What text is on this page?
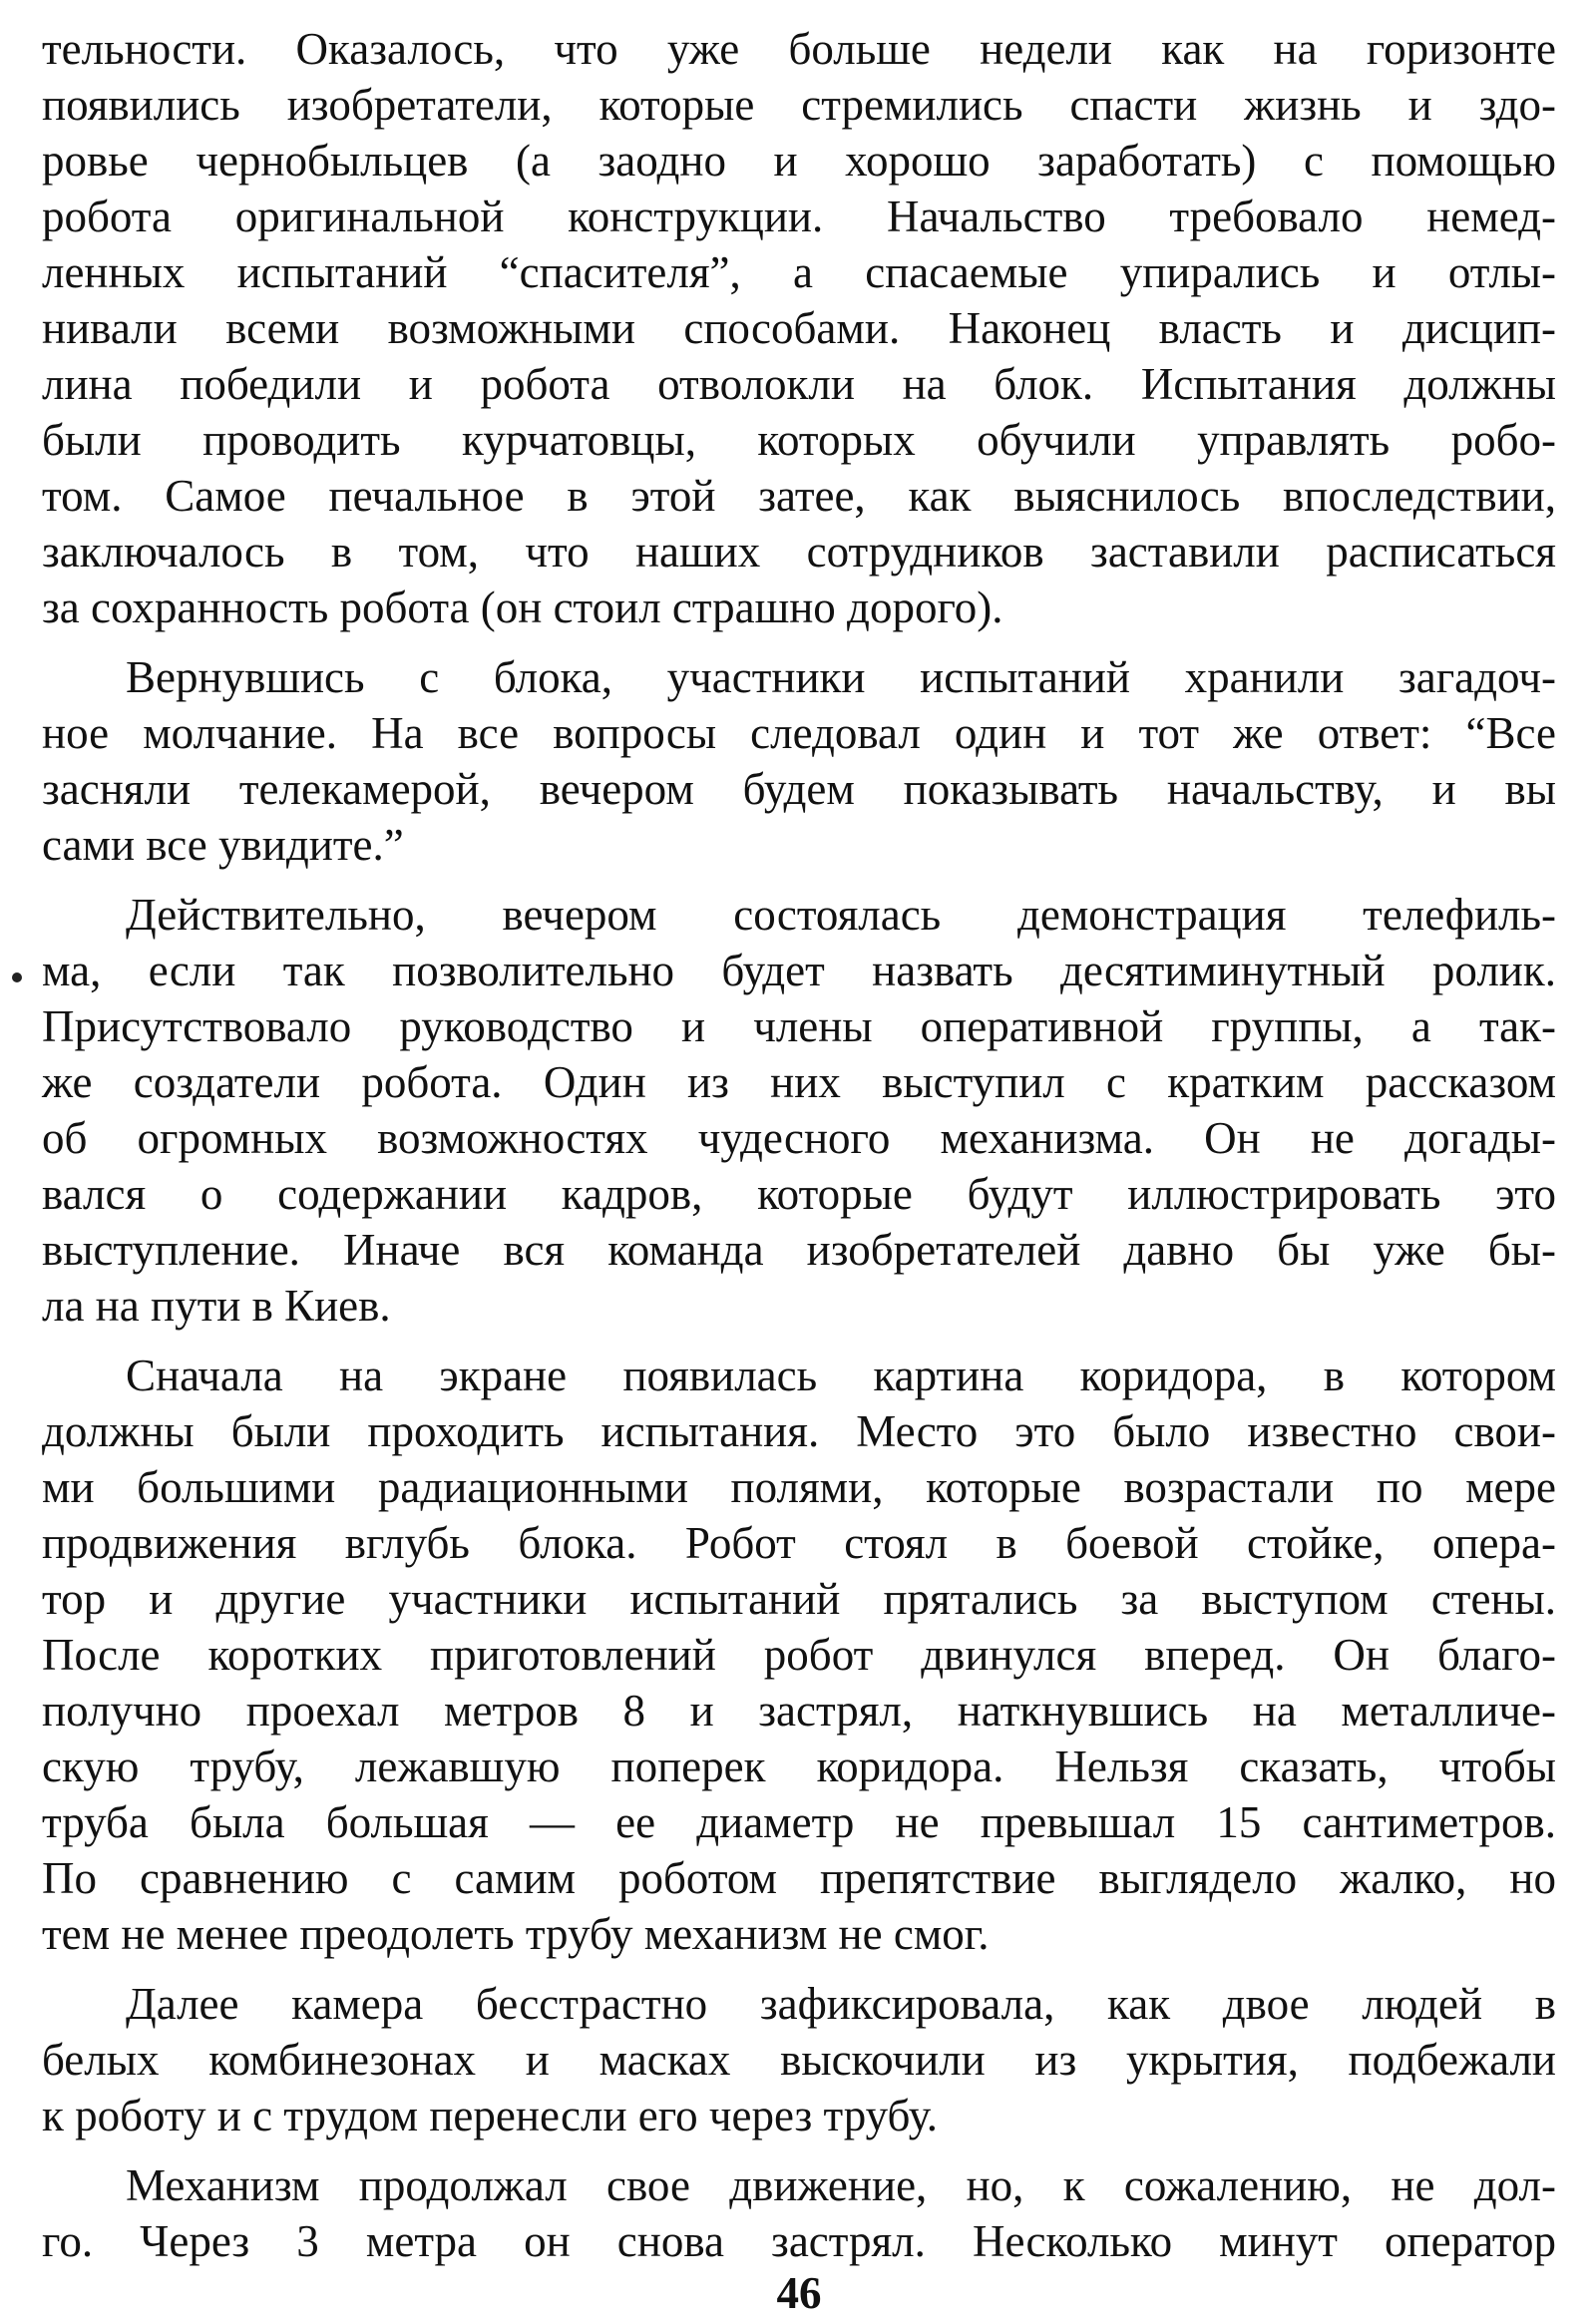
тельности. Оказалось, что уже больше недели как на горизонте
появились изобретатели, которые стремились спасти жизнь и здо-
ровье чернобыльцев (а заодно и хорошо заработать) с помощью
робота оригинальной конструкции. Начальство требовало немед-
ленных испытаний “спасителя”, а спасаемые упирались и отлы-
нивали всеми возможными способами. Наконец власть и дисцип-
лина победили и робота отволокли на блок. Испытания должны
были проводить курчатовцы, которых обучили управлять робо-
том. Самое печальное в этой затее, как выяснилось впоследствии,
заключалось в том, что наших сотрудников заставили расписаться
за сохранность робота (он стоил страшно дорого).
Вернувшись с блока, участники испытаний хранили загадоч-
ное молчание. На все вопросы следовал один и тот же ответ: “Все
засняли телекамерой, вечером будем показывать начальству, и вы
сами все увидите.”
Действительно, вечером состоялась демонстрация телефиль-
ма, если так позволительно будет назвать десятиминутный ролик.
Присутствовало руководство и члены оперативной группы, а так-
же создатели робота. Один из них выступил с кратким рассказом
об огромных возможностях чудесного механизма. Он не догады-
вался о содержании кадров, которые будут иллюстрировать это
выступление. Иначе вся команда изобретателей давно бы уже бы-
ла на пути в Киев.
Сначала на экране появилась картина коридора, в котором
должны были проходить испытания. Место это было известно свои-
ми большими радиационными полями, которые возрастали по мере
продвижения вглубь блока. Робот стоял в боевой стойке, опера-
тор и другие участники испытаний прятались за выступом стены.
После коротких приготовлений робот двинулся вперед. Он благо-
получно проехал метров 8 и застрял, наткнувшись на металличе-
скую трубу, лежавшую поперек коридора. Нельзя сказать, чтобы
труба была большая — ее диаметр не превышал 15 сантиметров.
По сравнению с самим роботом препятствие выглядело жалко, но
тем не менее преодолеть трубу механизм не смог.
Далее камера бесстрастно зафиксировала, как двое людей в
белых комбинезонах и масках выскочили из укрытия, подбежали
к роботу и с трудом перенесли его через трубу.
Механизм продолжал свое движение, но, к сожалению, не дол-
го. Через 3 метра он снова застрял. Несколько минут оператор
46
